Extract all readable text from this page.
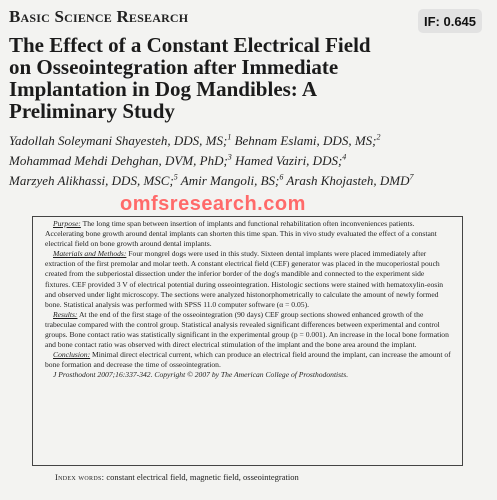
Basic Science Research	IF: 0.645
The Effect of a Constant Electrical Field
on Osseointegration after Immediate
Implantation in Dog Mandibles: A
Preliminary Study
Yadollah Soleymani Shayesteh, DDS, MS;$^1$ Behnam Eslami, DDS, MS;$^2$
Mohammad Mehdi Dehghan, DVM, PhD;$^3$ Hamed Vaziri, DDS;$^4$
Marzyeh Alikhassi, DDS, MSC;$^5$ Amir Mangoli, BS;$^6$ Arash Khojasteh, DMD$^7$

Purpose: The long time span between insertion of implants and functional rehabilitation often inconveniences patients. Accelerating bone growth around dental implants can shorten this time span. This in vivo study evaluated the effect of a constant electrical field on bone growth around dental implants.

Materials and Methods: Four mongrel dogs were used in this study. Sixteen dental implants were placed immediately after extraction of the first premolar and molar teeth. A constant electrical field (CEF) generator was placed in the mucoperiostal pouch created from the subperiostal dissection under the inferior border of the dog's mandible and connected to the experiment side fixtures. CEF provided 3 V of electrical potential during osseointegration. Histologic sections were stained with hematoxylin-eosin and observed under light microscopy. The sections were analyzed histonorphometrically to calculate the amount of newly formed bone. Statistical analysis was performed with SPSS 11.0 computer software (α = 0.05).

Results: At the end of the first stage of the osseointegration (90 days) CEF group sections showed enhanced growth of the trabeculae compared with the control group. Statistical analysis revealed significant differences between experimental and control groups. Bone contact ratio was statistically significant in the experimental group (p = 0.001). An increase in the local bone formation and bone contact ratio was observed with direct electrical stimulation of the implant and the bone area around the implant.

Conclusion: Minimal direct electrical current, which can produce an electrical field around the implant, can increase the amount of bone formation and decrease the time of osseointegration.

J Prosthodont 2007;16:337-342. Copyright © 2007 by The American College of Prosthodontists.

omfsresearch.com
Index words: constant electrical field, magnetic field, osseointegration
